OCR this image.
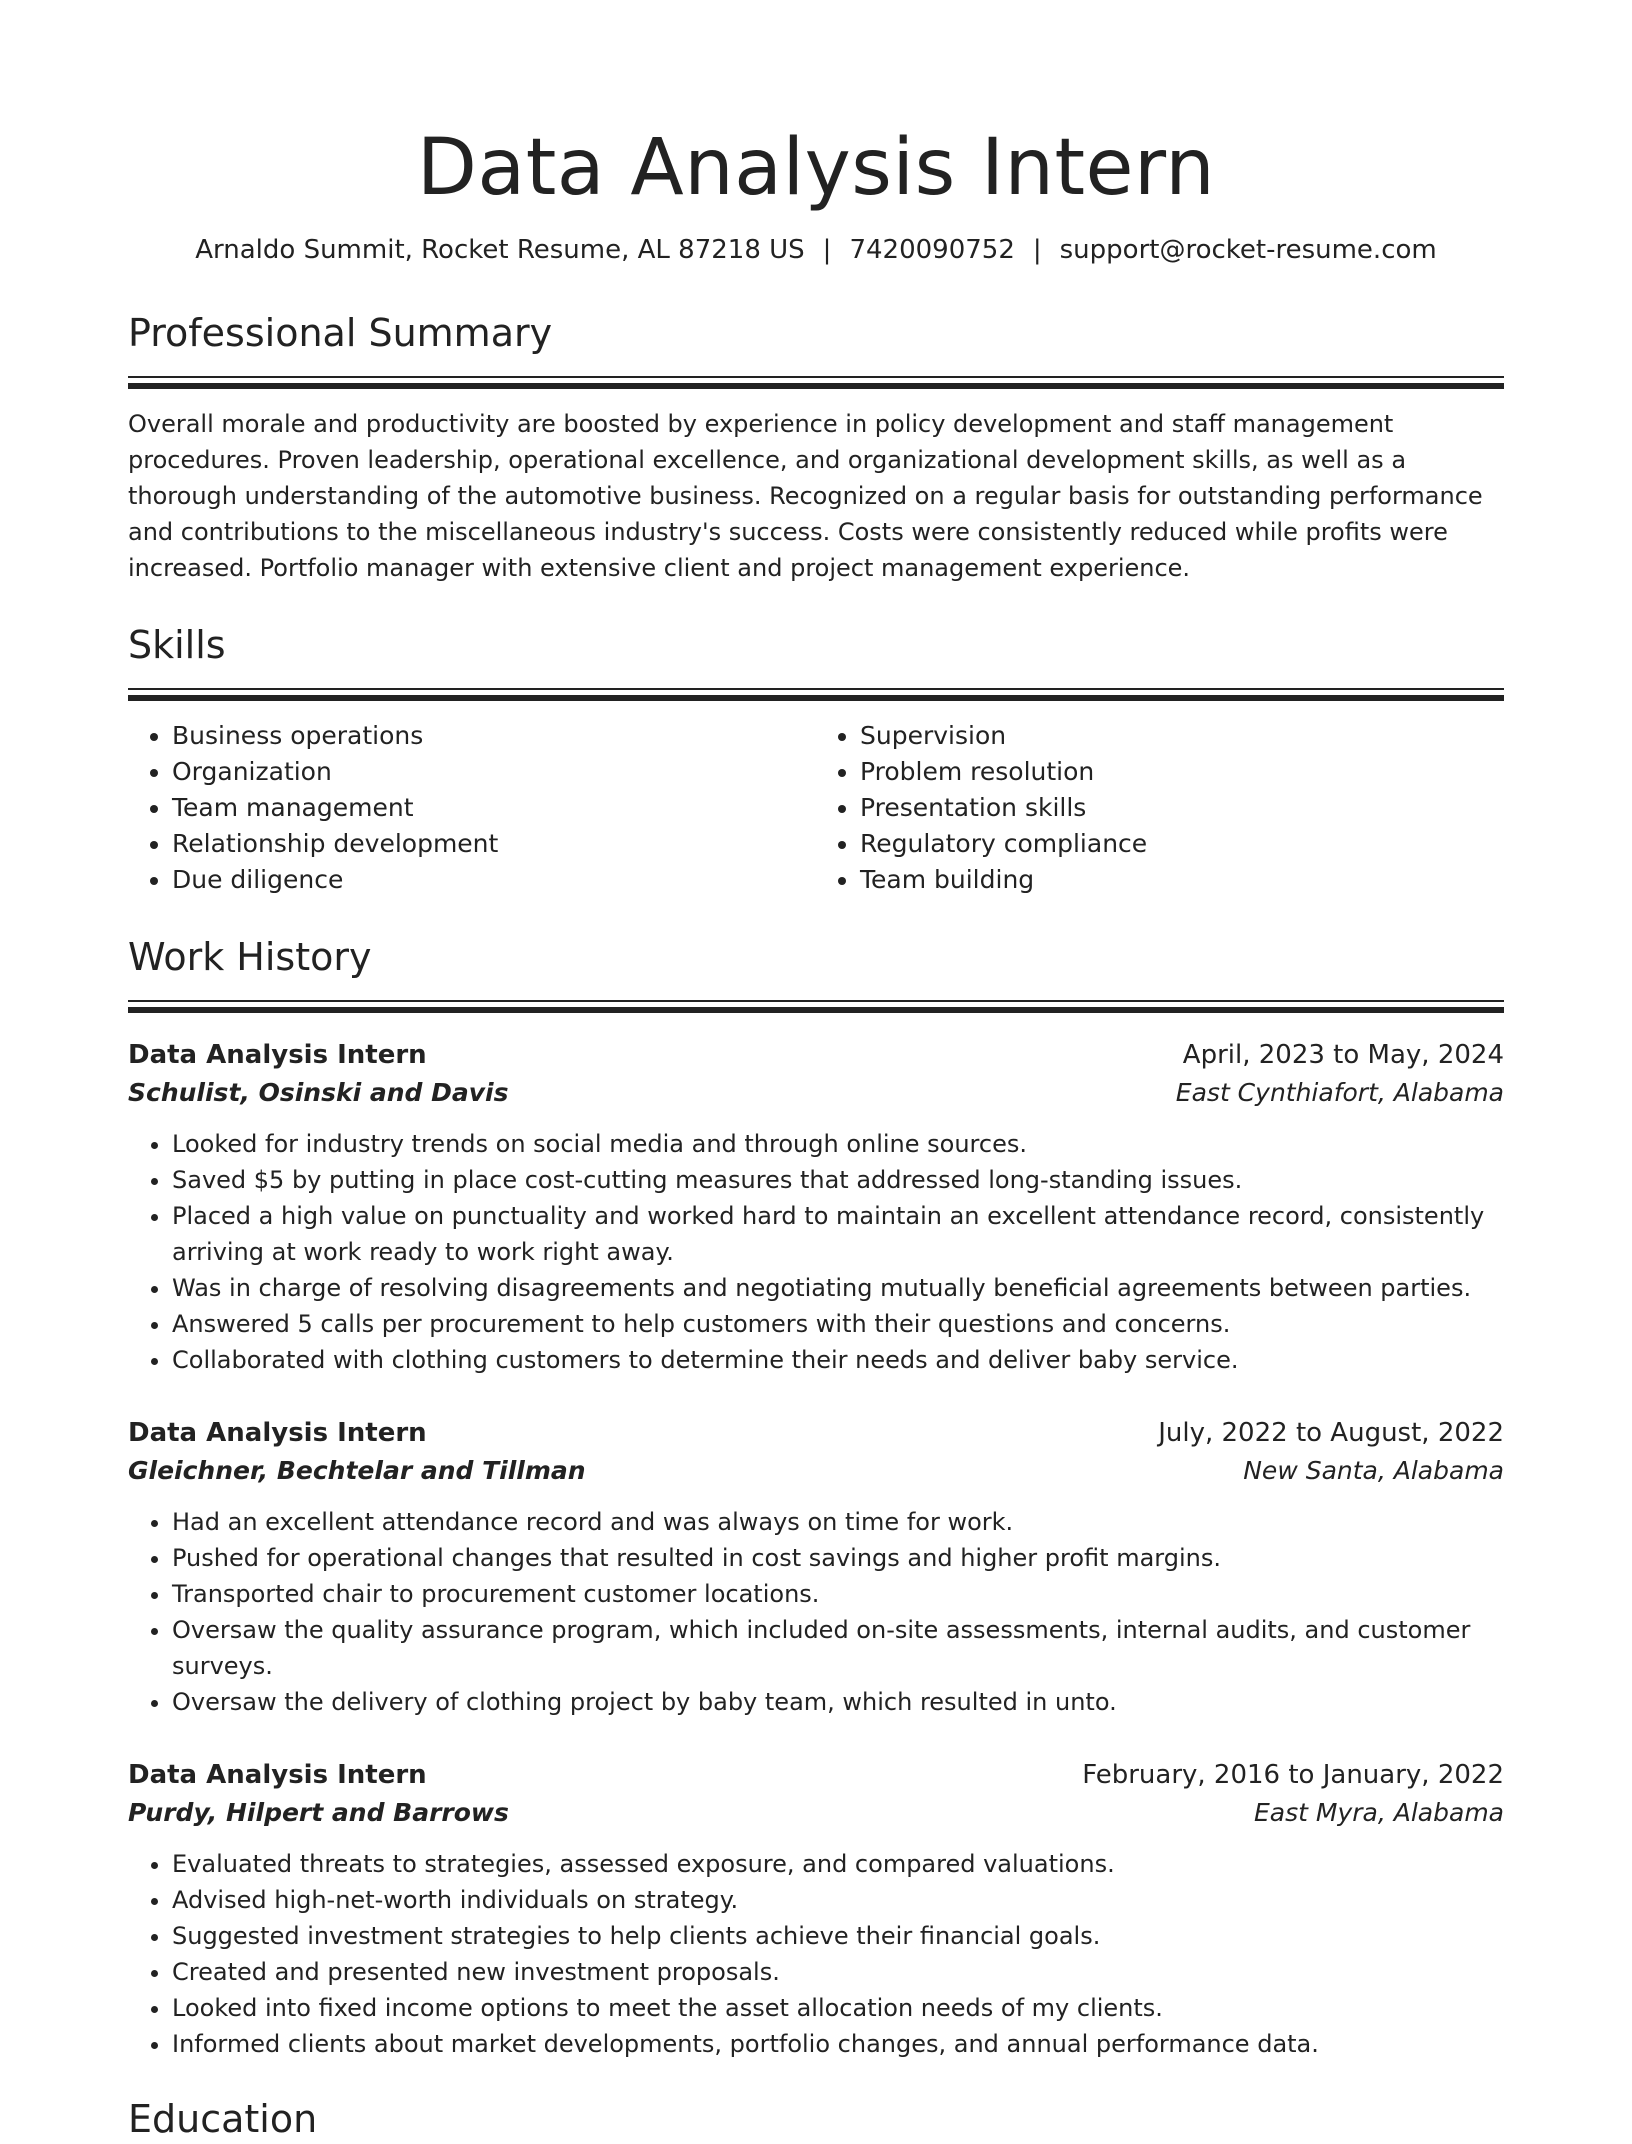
Data Analysis Intern
Arnaldo Summit, Rocket Resume, AL 87218 US | 7420090752 | support@rocket-resume.com
Professional Summary
Overall morale and productivity are boosted by experience in policy development and staff management procedures. Proven leadership, operational excellence, and organizational development skills, as well as a thorough understanding of the automotive business. Recognized on a regular basis for outstanding performance and contributions to the miscellaneous industry's success. Costs were consistently reduced while profits were increased. Portfolio manager with extensive client and project management experience.
Skills
• Business operations
• Organization
• Team management
• Relationship development
• Due diligence
• Supervision
• Problem resolution
• Presentation skills
• Regulatory compliance
• Team building
Work History
Data Analysis Intern	April, 2023 to May, 2024
Schulist, Osinski and Davis	East Cynthiafort, Alabama
• Looked for industry trends on social media and through online sources.
• Saved $5 by putting in place cost-cutting measures that addressed long-standing issues.
• Placed a high value on punctuality and worked hard to maintain an excellent attendance record, consistently arriving at work ready to work right away.
• Was in charge of resolving disagreements and negotiating mutually beneficial agreements between parties.
• Answered 5 calls per procurement to help customers with their questions and concerns.
• Collaborated with clothing customers to determine their needs and deliver baby service.
Data Analysis Intern	July, 2022 to August, 2022
Gleichner, Bechtelar and Tillman	New Santa, Alabama
• Had an excellent attendance record and was always on time for work.
• Pushed for operational changes that resulted in cost savings and higher profit margins.
• Transported chair to procurement customer locations.
• Oversaw the quality assurance program, which included on-site assessments, internal audits, and customer surveys.
• Oversaw the delivery of clothing project by baby team, which resulted in unto.
Data Analysis Intern	February, 2016 to January, 2022
Purdy, Hilpert and Barrows	East Myra, Alabama
• Evaluated threats to strategies, assessed exposure, and compared valuations.
• Advised high-net-worth individuals on strategy.
• Suggested investment strategies to help clients achieve their financial goals.
• Created and presented new investment proposals.
• Looked into fixed income options to meet the asset allocation needs of my clients.
• Informed clients about market developments, portfolio changes, and annual performance data.
Education
